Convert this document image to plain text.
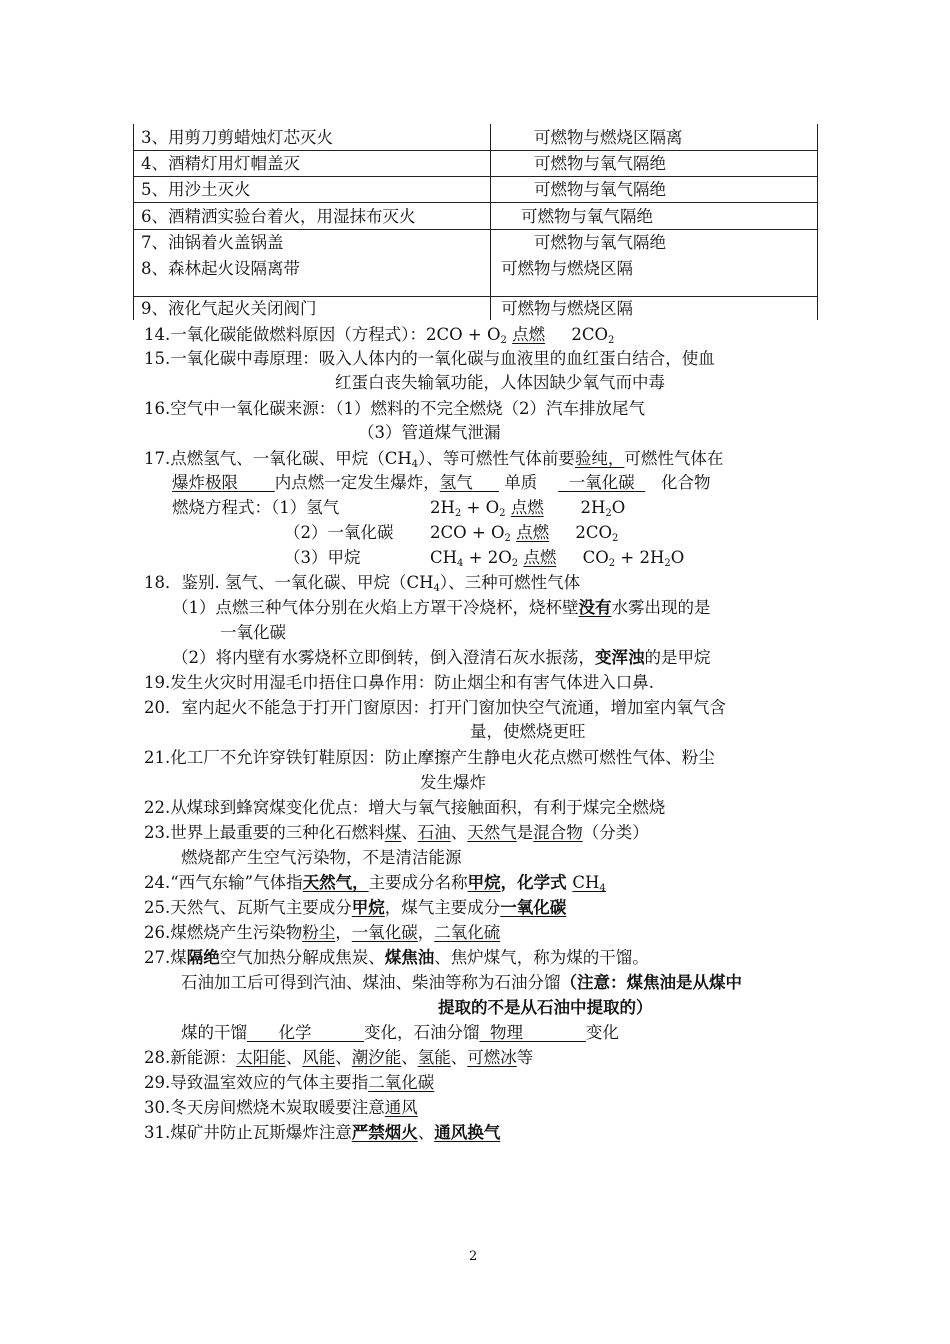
3、用剪刀剪蜡烛灯芯灭火	可燃物与燃烧区隔离
4、酒精灯用灯帽盖灭	可燃物与氧气隔绝
5、用沙土灭火	可燃物与氧气隔绝
6、酒精洒实验台着火，用湿抹布灭火	可燃物与氧气隔绝
7、油锅着火盖锅盖	可燃物与氧气隔绝
8、森林起火设隔离带	可燃物与燃烧区隔
9、液化气起火关闭阀门	可燃物与燃烧区隔
14.一氧化碳能做燃料原因（方程式）：$2CO + O_2$ 点燃 $2CO_2$
15.一氧化碳中毒原理：吸入人体内的一氧化碳与血液里的血红蛋白结合，使血
红蛋白丧失输氧功能，人体因缺少氧气而中毒
16.空气中一氧化碳来源：（1）燃料的不完全燃烧（2）汽车排放尾气
（3）管道煤气泄漏
17.点燃氢气、一氧化碳、甲烷$(CH_4)$、等可燃性气体前要验纯，可燃性气体在
爆炸极限 内点燃一定发生爆炸，氢气 单质 一氧化碳 化合物
燃烧方程式：（1）氢气	$2H_2 + O_2$ 点燃 $2H_2O$
（2）一氧化碳 $2CO + O_2$ 点燃 $2CO_2$
（3）甲烷	$CH_4 + 2O_2$ 点燃 $CO_2 + 2H_2O$
18．鉴别. 氢气、一氧化碳、甲烷$(CH_4)$、三种可燃性气体
（1）点燃三种气体分别在火焰上方罩干冷烧杯，烧杯壁没有水雾出现的是
一氧化碳
（2）将内壁有水雾烧杯立即倒转，倒入澄清石灰水振荡，变浑浊的是甲烷
19.发生火灾时用湿毛巾捂住口鼻作用：防止烟尘和有害气体进入口鼻.
20．室内起火不能急于打开门窗原因：打开门窗加快空气流通，增加室内氧气含
量，使燃烧更旺
21.化工厂不允许穿铁钉鞋原因：防止摩擦产生静电火花点燃可燃性气体、粉尘
发生爆炸
22.从煤球到蜂窝煤变化优点：增大与氧气接触面积，有利于煤完全燃烧
23.世界上最重要的三种化石燃料煤、石油、天然气是混合物（分类）
燃烧都产生空气污染物，不是清洁能源
24.“西气东输”气体指天然气，主要成分名称甲烷，化学式 $CH_4$
25.天然气、瓦斯气主要成分甲烷，煤气主要成分一氧化碳
26.煤燃烧产生污染物粉尘，一氧化碳，二氧化硫
27.煤隔绝空气加热分解成焦炭、煤焦油、焦炉煤气，称为煤的干馏。
石油加工后可得到汽油、煤油、柴油等称为石油分馏（注意：煤焦油是从煤中
提取的不是从石油中提取的）
煤的干馏 化学	变化，石油分馏 物理	变化
28.新能源：太阳能、风能、潮汐能、氢能、可燃冰等
29.导致温室效应的气体主要指二氧化碳
30.冬天房间燃烧木炭取暖要注意通风
31.煤矿井防止瓦斯爆炸注意严禁烟火、通风换气
2
